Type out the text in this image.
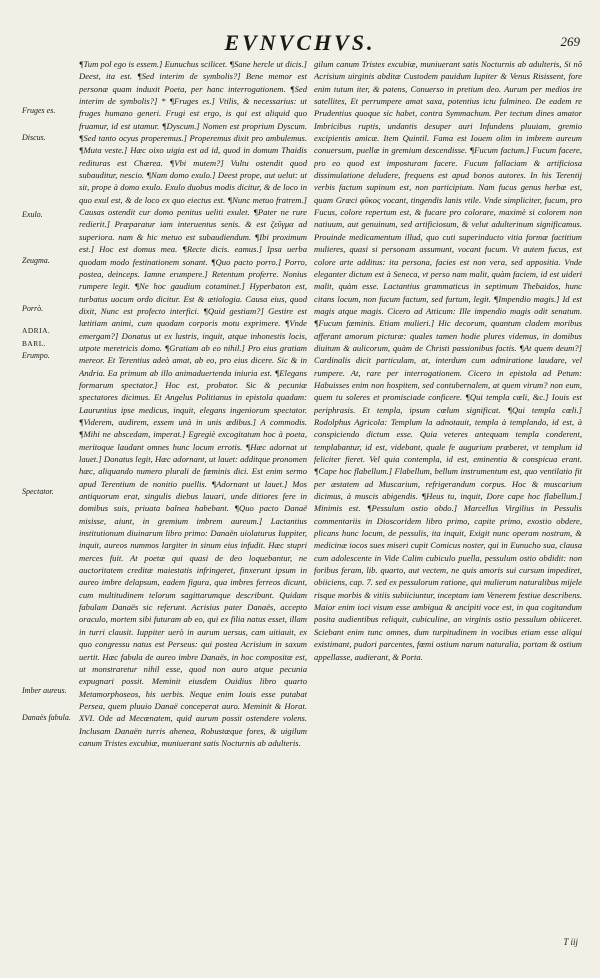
EVNVCHVS.	269
Fruges es.
Discus.
Exulo.
Zeugma.
Porrò.
ADRIA.
BARL.
Erumpo.
Spectator.
Imber aureus.
Danaës fabula.
¶Tum pol ego is essem.] Eunuchus scilicet. ¶Sane hercle ut dicis.] Deest, ita est. ¶Sed interim de symbolis?] Bene memor est personæ quam induxit Poeta, per hanc interrogationem. ¶Sed interim de symbolis?] * ¶Fruges es.] Vtilis, & necessarius: ut fruges humano generi. Frugi est ergo, is qui est aliquid quo fruamur, id est utamur. ¶Dyscum.] Nomen est proprium Dyscum. ¶Sed tanto ocyus properemus.] Properemus dixit pro ambulemus. ¶Muta veste.] Hæc oixo uigia est ad id, quod in domum Thaidis redituras est Chærea. ¶Vbi mutem?] Vultu ostendit quod subauditur, nescio. ¶Nam domo exulo.] Deest prope, aut uelut: ut sit, prope à domo exulo. Exulo duobus modis dicitur, & de loco in quo exul est, & de loco ex quo eiectus est. ¶Nunc metuo fratrem.] Causas ostendit cur domo penitus ueliti exulet. ¶Pater ne rure redierit.] Præparatur iam interuentus senis. & est ζεῦγμα ad superiora. nam & hic metuo est subaudiendum. ¶Ibi proximum est.] Hoc est domus mea. ¶Recte dicis. eamus.] Ipsa uerba quodam modo festinationem sonant. ¶Quo pacto porro.] Porro, postea, deinceps. Iamne erumpere.] Retentum proferre. Nonius rumpere legit. ¶Ne hoc gaudium cotaminet.] Hyperbaton est, turbatus uocum ordo dicitur. Est & ætiologia. Causa eius, quod dixit, Nunc est profecto interfici. ¶Quid gestiam?] Gestire est lætitiam animi, cum quodam corporis motu exprimere. ¶Vnde emergam?] Donatus ut ex lustris, inquit, atque inhonestis locis, utpote meretricis domo. ¶Gratiam ab eo nihil.] Pro eius gratiam mereor. Et Terentius adeò amat, ab eo, pro eius dicere. Sic & in Andria. Ea primum ab illo animaduertenda iniuria est. ¶Elegans formarum spectator.] Hoc est, probator. Sic & pecuniæ spectatores dicimus. Et Angelus Politianus in epistola quadam: Lauruntius ipse medicus, inquit, elegans ingeniorum spectator. ¶Viderem, audirem, essem unà in unis ædibus.] A commodis. ¶Mihi ne abscedam, imperat.] Egregiè excogitatum hoc à poeta, meritoque laudant omnes hunc locum errotis. ¶Hæc adornat ut lauet.] Donatus legit, Hæc adornant, ut lauet: additque pronomen hæc, aliquando numero plurali de fœminis dici. Est enim sermo apud Terentium de nonitio puellis. ¶Adornant ut lauet.] Mos antiquorum erat, singulis diebus lauari, unde ditiores fere in domibus suis, priuata balnea habebant. ¶Quo pacto Danaë misisse, aiunt, in gremium imbrem aureum.] Lactantius institutionum diuinarum libro primo: Danaën uiolaturus Iuppiter, inquit, aureos nummos largiter in sinum eius infudit. Hæc stupri merces fuit. At poetæ qui quasi de deo loquebantur, ne auctoritatem creditæ maiestatis infringeret, finxerunt ipsum in aureo imbre delapsum, eadem figura, qua imbres ferreos dicunt, cum multitudinem telorum sagittarumque describunt. Quidam fabulam Danaës sic referunt. Acrisius pater Danaës, accepto oraculo, mortem sibi futuram ab eo, qui ex filia natus esset, illam in turri clausit. Iuppiter uerò in aurum uersus, cam uitiauit, ex quo congressu natus est Perseus: qui postea Acrisium in saxum uertit. Hæc fabula de aureo imbre Danaës, in hoc compositæ est, ut monstraretur nihil esse, quod non auro atque pecunia expugnari possit. Meminit eiusdem Ouidius libro quarto Metamorphoseos, his uerbis. Neque enim Iouis esse putabat Persea, quem pluuio Danaë conceperat auro. Meminit & Horat. XVI. Ode ad Mecœnatem, quid aurum possit ostendere volens. Inclusam Danaën turris ahenea, Robustæque fores, & uigilum canum Tristes excubiæ, muniuerant satis Nocturnis ab adulteris.
gilum canum Tristes excubiæ, muniuerant satis Nocturnis ab adulteris, Si nõ Acrisium uirginis abditæ Custodem pauidum Iupiter & Venus Risissent, fore enim tutum iter, & patens, Conuerso in pretium deo. Aurum per medios ire satellites, Et perrumpere amat saxa, potentius ictu fulmineo. De eadem re Prudentius quoque sic habet, contra Symmachum. Per tectum dines amator Imbricibus ruptis, undantis desuper auri Infundens pluuiam, gremio excipientis amicæ. Item Quintil. Fama est Iouem olim in imbrem aureum conuersum, puellæ in gremium descendisse. ¶Fucum factum.] Fucum facere, pro eo quod est imposturam facere. Fucum fallaciam & artificiosa dissimulatione deludere, frequens est apud bonos autores. In his Terentij verbis factum supinum est, non participium. Nam fucus genus herbæ est, quam Græci φῦκος vocant, tingendis lanis vtile. Vnde simpliciter, fucum, pro Fucus, colore repertum est, & fucare pro colorare, maximè si colorem non natiuum, aut genuinum, sed artificiosum, & velut adulterinum significamus. Prouinde medicamentum illud, quo cuti superinducto vitia formæ factitium mulieres, quasi si personam assumunt, vocant fucum. Vt autem fucus, est colore arte additus: ita persona, facies est non vera, sed appositia. Vnde eleganter dictum est à Seneca, vt perso nam malit, quàm faciem, id est uideri malit, quàm esse. Lactantius grammaticus in septimum Thebaidos, hunc citans locum, non fucum factum, sed furtum, legit. ¶Impendio magis.] Id est magis atque magis. Cicero ad Atticum: Ille impendio magis odit senatum. ¶Fucum fæminis. Etiam mulieri.] Hic decorum, quantum cladem moribus afferant amorum picturæ: quales tamen hodie plures videmus, in domibus diuitum & aulicorum, quàm de Christi passionibus factis. ¶At quem deum?] Cardinalis dicit particulam, at, interdum cum admiratione laudare, vel rumpere. At, rare per interrogationem. Cicero in epistola ad Petum: Habuisses enim non hospitem, sed contubernalem, at quem virum? non eum, quem tu soleres et promisciade conficere. ¶Qui templa cœli, &c.] Iouis est periphrasis. Et templa, ipsum cœlum significat. ¶Qui templa cœli.] Rodolphus Agricola: Templum la adnotauit, templa à templando, id est, à conspiciendo dictum esse. Quia veteres antequam templa conderent, templabantur, id est, videbant, quale fe augurium præberet, vt templum id feliciter fieret. Vel quia contempla, id est, eminentia & conspicua erant. ¶Cape hoc flabellum.] Flabellum, bellum instrumentum est, quo ventilatio fit per æstatem ad Muscarium, refrigerandum corpus. Hoc & muscarium dicimus, à muscis abigendis. ¶Heus tu, inquit, Dore cape hoc flabellum.] Minimis est. ¶Pessulum ostio obdo.] Marcellus Virgilius in Pessulis commentariis in Dioscoridem libro primo, capite primo, exostio obdere, plicans hunc locum, de pessulis, ita inquit, Exigit nunc operam nostram, & medicinæ iocos sues miseri cupit Comicus noster, qui in Eunucho sua, clausa cum adolescente in Vide Calim cubiculo puella, pessulum ostio obdidit: non foribus feram, lib. quarto, aut vectem, ne quis amoris sui cursum impediret, obiiciens, cap. 7. sed ex pessulorum ratione, qui mulierum naturalibus mijele risque morbis & vitiis subiiciuntur, inceptam iam Venerem festiue describens. Maior enim ioci visum esse ambigua & ancipiti voce est, in qua cogitandum posita audientibus reliquit, cubiculine, an virginis ostio pessulum obiiceret. Sciebant enim tunc omnes, dum turpitudinem in vocibus etiam esse aliqui existimant, pudori parcentes, fœmi ostium narum naturalia, portam & ostium appellasse, audierant, & Porta.
T iij
